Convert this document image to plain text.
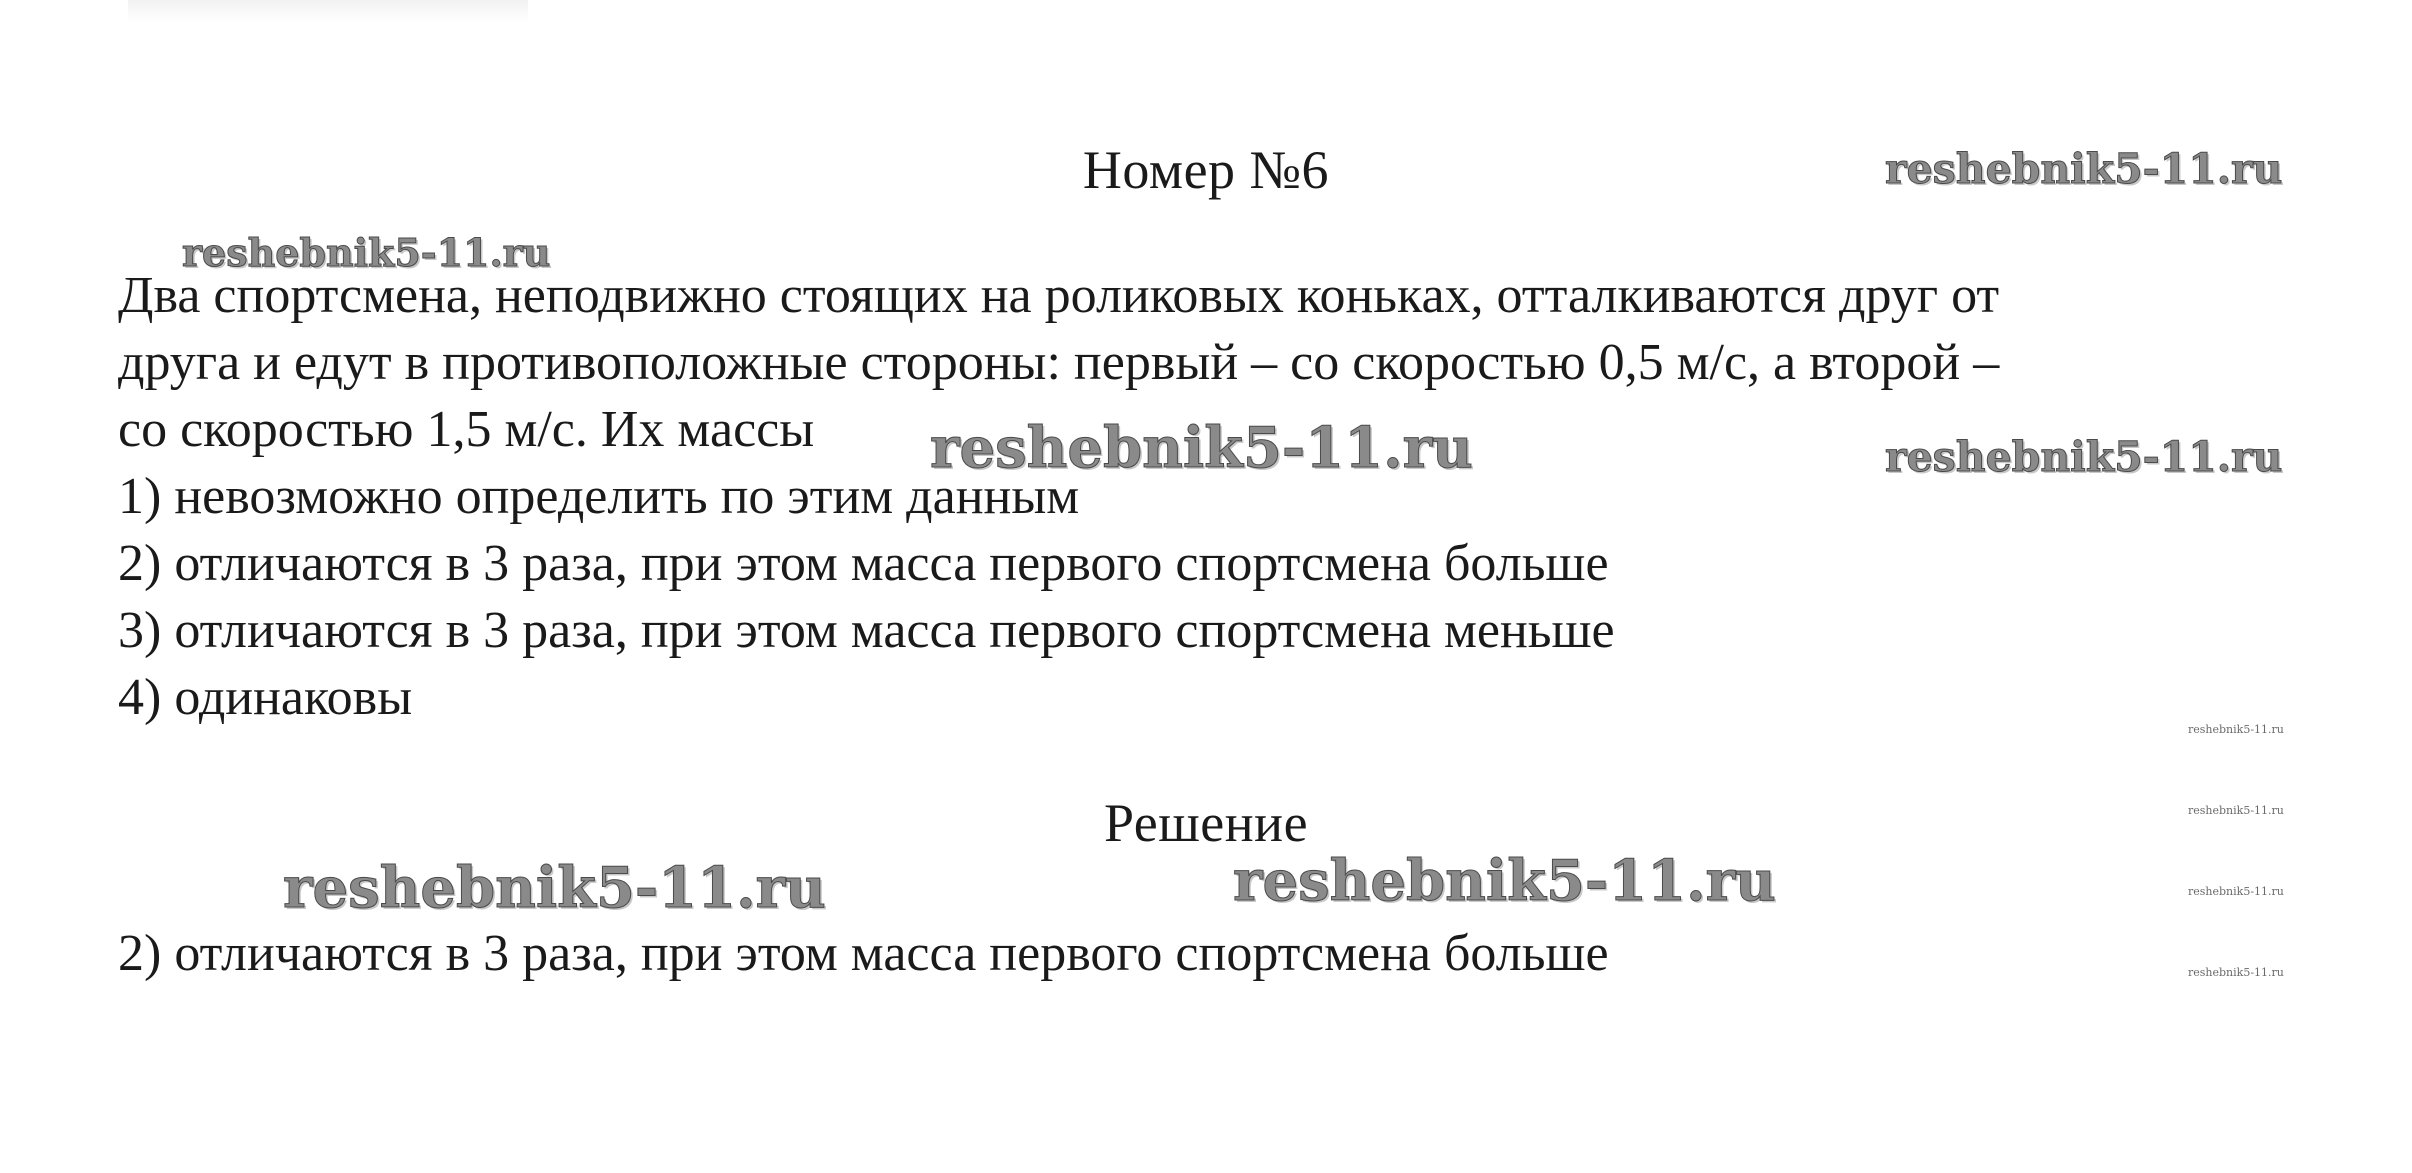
Номер №6
Два спортсмена, неподвижно стоящих на роликовых коньках, отталкиваются друг от
друга и едут в противоположные стороны: первый – со скоростью 0,5 м/с, а второй –
со скоростью 1,5 м/с. Их массы
1) невозможно определить по этим данным
2) отличаются в 3 раза, при этом масса первого спортсмена больше
3) отличаются в 3 раза, при этом масса первого спортсмена меньше
4) одинаковы
Решение
2) отличаются в 3 раза, при этом масса первого спортсмена больше
reshebnik5-11.ru
reshebnik5-11.ru
reshebnik5-11.ru	reshebnik5-11.ru
reshebnik5-11.ru	reshebnik5-11.ru
reshebnik5-11.ru
reshebnik5-11.ru
reshebnik5-11.ru
reshebnik5-11.ru
